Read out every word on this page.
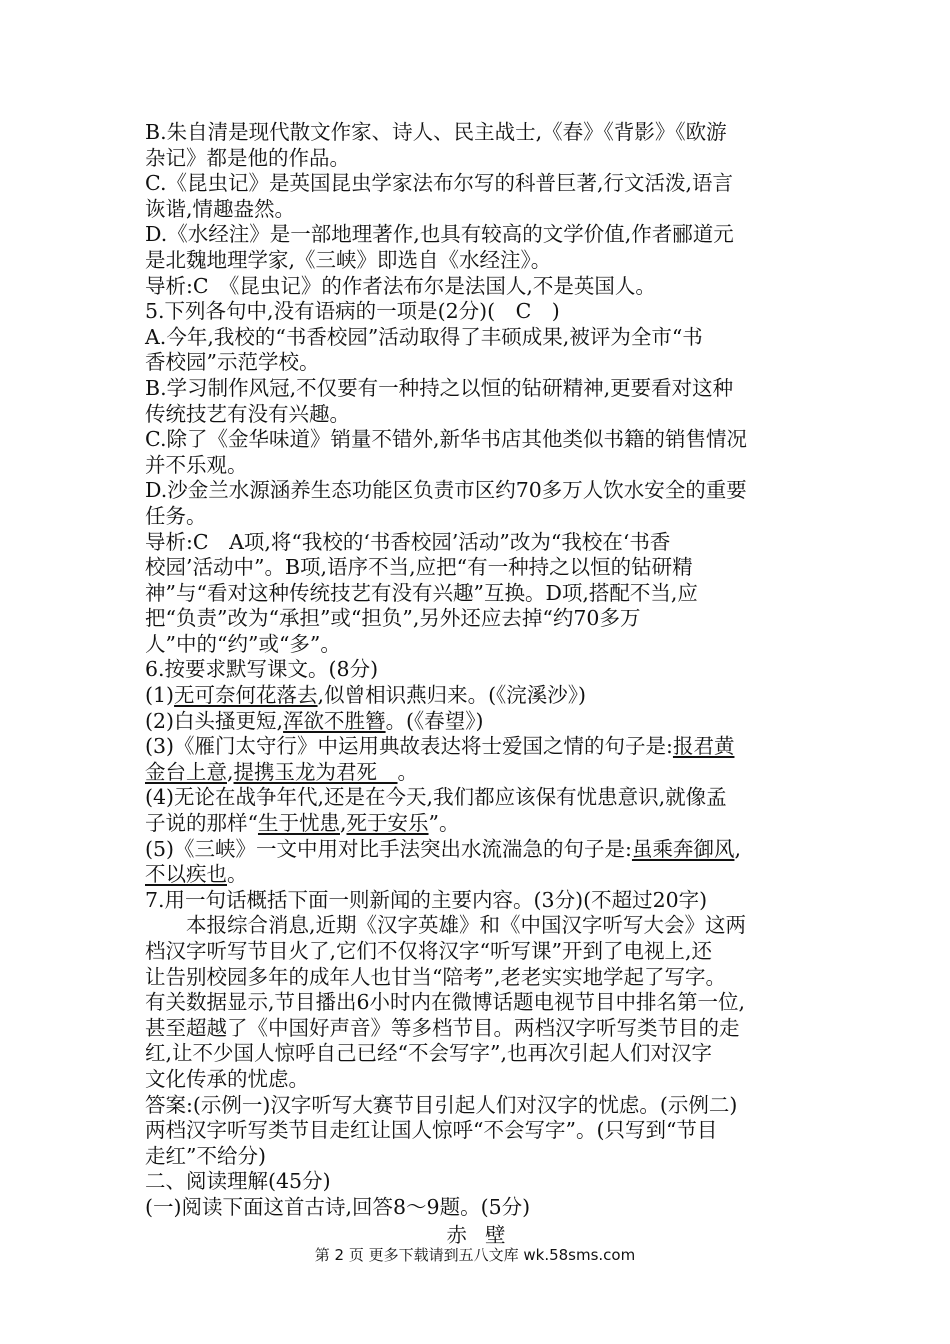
B.朱自清是现代散文作家、诗人、民主战士,《春》《背影》《欧游

杂记》都是他的作品。

C.《昆虫记》是英国昆虫学家法布尔写的科普巨著,行文活泼,语言

诙谐,情趣盎然。

D.《水经注》是一部地理著作,也具有较高的文学价值,作者郦道元

是北魏地理学家,《三峡》即选自《水经注》。

导析:C　《昆虫记》的作者法布尔是法国人,不是英国人。

5.下列各句中,没有语病的一项是(2分)(　C　)

A.今年,我校的“书香校园”活动取得了丰硕成果,被评为全市“书

香校园”示范学校。

B.学习制作风冠,不仅要有一种持之以恒的钻研精神,更要看对这种

传统技艺有没有兴趣。

C.除了《金华味道》销量不错外,新华书店其他类似书籍的销售情况

并不乐观。

D.沙金兰水源涵养生态功能区负责市区约70多万人饮水安全的重要

任务。

导析:C　A项,将“我校的‘书香校园’活动”改为“我校在‘书香

校园’活动中”。B项,语序不当,应把“有一种持之以恒的钻研精

神”与“看对这种传统技艺有没有兴趣”互换。D项,搭配不当,应

把“负责”改为“承担”或“担负”,另外还应去掉“约70多万

人”中的“约”或“多”。

6.按要求默写课文。(8分)

(1)无可奈何花落去,似曾相识燕归来。(《浣溪沙》)

(2)白头搔更短,浑欲不胜簪。(《春望》)

(3)《雁门太守行》中运用典故表达将士爱国之情的句子是:报君黄

金台上意,提携玉龙为君死　。

(4)无论在战争年代,还是在今天,我们都应该保有忧患意识,就像孟

子说的那样“生于忧患,死于安乐”。

(5)《三峡》一文中用对比手法突出水流湍急的句子是:虽乘奔御风,

不以疾也。

7.用一句话概括下面一则新闻的主要内容。(3分)(不超过20字)

本报综合消息,近期《汉字英雄》和《中国汉字听写大会》这两

档汉字听写节目火了,它们不仅将汉字“听写课”开到了电视上,还

让告别校园多年的成年人也甘当“陪考”,老老实实地学起了写字。

有关数据显示,节目播出6小时内在微博话题电视节目中排名第一位,

甚至超越了《中国好声音》等多档节目。两档汉字听写类节目的走

红,让不少国人惊呼自己已经“不会写字”,也再次引起人们对汉字

文化传承的忧虑。

答案:(示例一)汉字听写大赛节目引起人们对汉字的忧虑。(示例二)

两档汉字听写类节目走红让国人惊呼“不会写字”。(只写到“节目

走红”不给分)

二、阅读理解(45分)

(一)阅读下面这首古诗,回答8～9题。(5分)

赤壁

第 2 页 更多下载请到五八文库 wk.58sms.com
